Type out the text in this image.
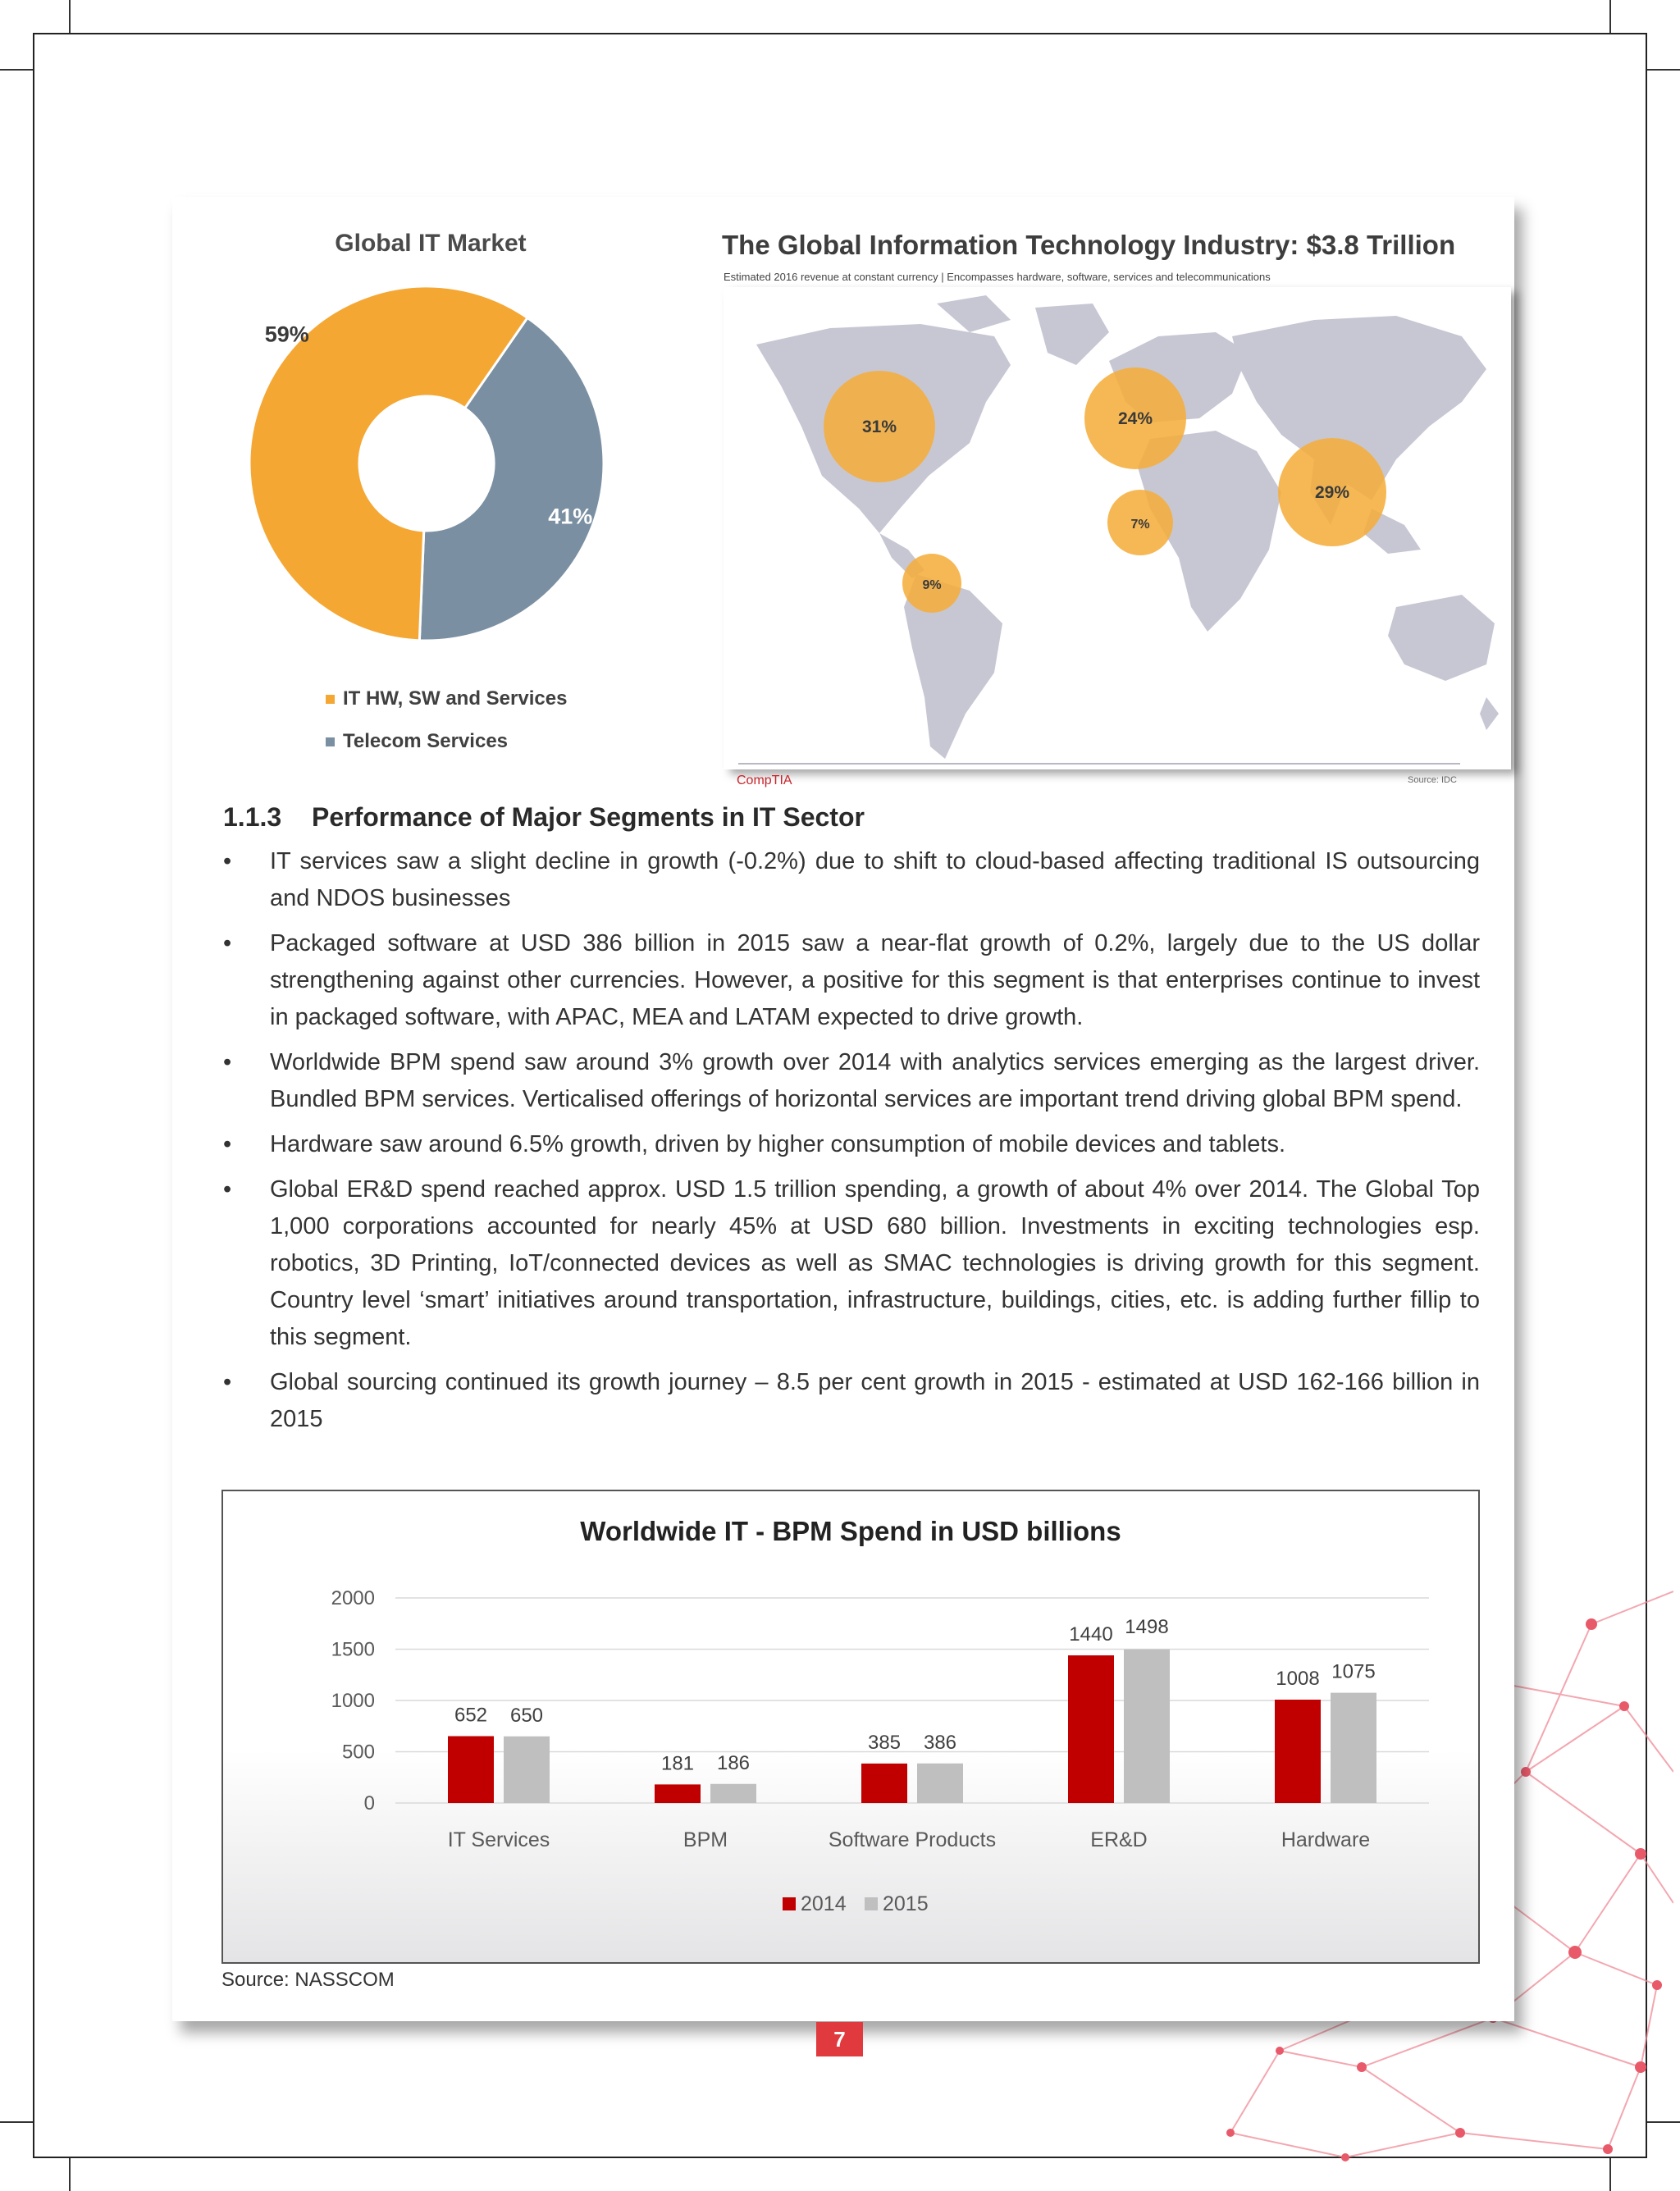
Global IT Market
41%
59%
IT HW, SW and Services
Telecom Services
The Global Information Technology Industry: $3.8 Trillion
Estimated 2016 revenue at constant currency | Encompasses hardware, software, services and telecommunications
31%	24%
29%
7%
9%
CompTIA	Source: IDC
1.1.3 Performance of Major Segments in IT Sector
• IT services saw a slight decline in growth (-0.2%) due to shift to cloud-based affecting traditional IS outsourcing and NDOS businesses
• Packaged software at USD 386 billion in 2015 saw a near-flat growth of 0.2%, largely due to the US dollar strengthening against other currencies. However, a positive for this segment is that enterprises continue to invest in packaged software, with APAC, MEA and LATAM expected to drive growth.
• Worldwide BPM spend saw around 3% growth over 2014 with analytics services emerging as the largest driver. Bundled BPM services. Verticalised offerings of horizontal services are important trend driving global BPM spend.
• Hardware saw around 6.5% growth, driven by higher consumption of mobile devices and tablets.
• Global ER&D spend reached approx. USD 1.5 trillion spending, a growth of about 4% over 2014. The Global Top 1,000 corporations accounted for nearly 45% at USD 680 billion. Investments in exciting technologies esp. robotics, 3D Printing, IoT/connected devices as well as SMAC technologies is driving growth for this segment. Country level ‘smart’ initiatives around transportation, infrastructure, buildings, cities, etc. is adding further fillip to this segment.
• Global sourcing continued its growth journey – 8.5 per cent growth in 2015 - estimated at USD 162-166 billion in 2015
Worldwide IT - BPM Spend in USD billions
0
500
1000
1500
2000
652 650
IT Services
181 186
BPM
385 386
Software Products
1440 1498
ER&D
1008 1075
Hardware
2014 2015
Source: NASSCOM
7
